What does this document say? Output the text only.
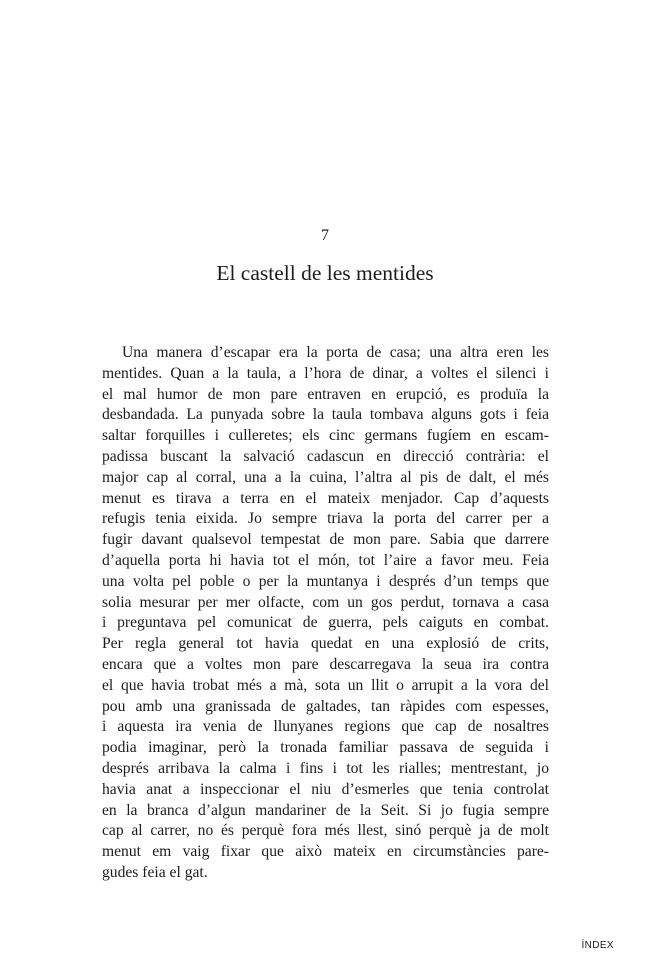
7
El castell de les mentides
Una manera d’escapar era la porta de casa; una altra eren les
mentides. Quan a la taula, a l’hora de dinar, a voltes el silenci i
el mal humor de mon pare entraven en erupció, es produïa la
desbandada. La punyada sobre la taula tombava alguns gots i feia
saltar forquilles i culleretes; els cinc germans fugíem en escam-
padissa buscant la salvació cadascun en direcció contrària: el
major cap al corral, una a la cuina, l’altra al pis de dalt, el més
menut es tirava a terra en el mateix menjador. Cap d’aquests
refugis tenia eixida. Jo sempre triava la porta del carrer per a
fugir davant qualsevol tempestat de mon pare. Sabia que darrere
d’aquella porta hi havia tot el món, tot l’aire a favor meu. Feia
una volta pel poble o per la muntanya i després d’un temps que
solia mesurar per mer olfacte, com un gos perdut, tornava a casa
i preguntava pel comunicat de guerra, pels caiguts en combat.
Per regla general tot havia quedat en una explosió de crits,
encara que a voltes mon pare descarregava la seua ira contra
el que havia trobat més a mà, sota un llit o arrupit a la vora del
pou amb una granissada de galtades, tan ràpides com espesses,
i aquesta ira venia de llunyanes regions que cap de nosaltres
podia imaginar, però la tronada familiar passava de seguida i
després arribava la calma i fins i tot les rialles; mentrestant, jo
havia anat a inspeccionar el niu d’esmerles que tenia controlat
en la branca d’algun mandariner de la Seit. Si jo fugia sempre
cap al carrer, no és perquè fora més llest, sinó perquè ja de molt
menut em vaig fixar que això mateix en circumstàncies pare-
gudes feia el gat.
ÍNDEX
